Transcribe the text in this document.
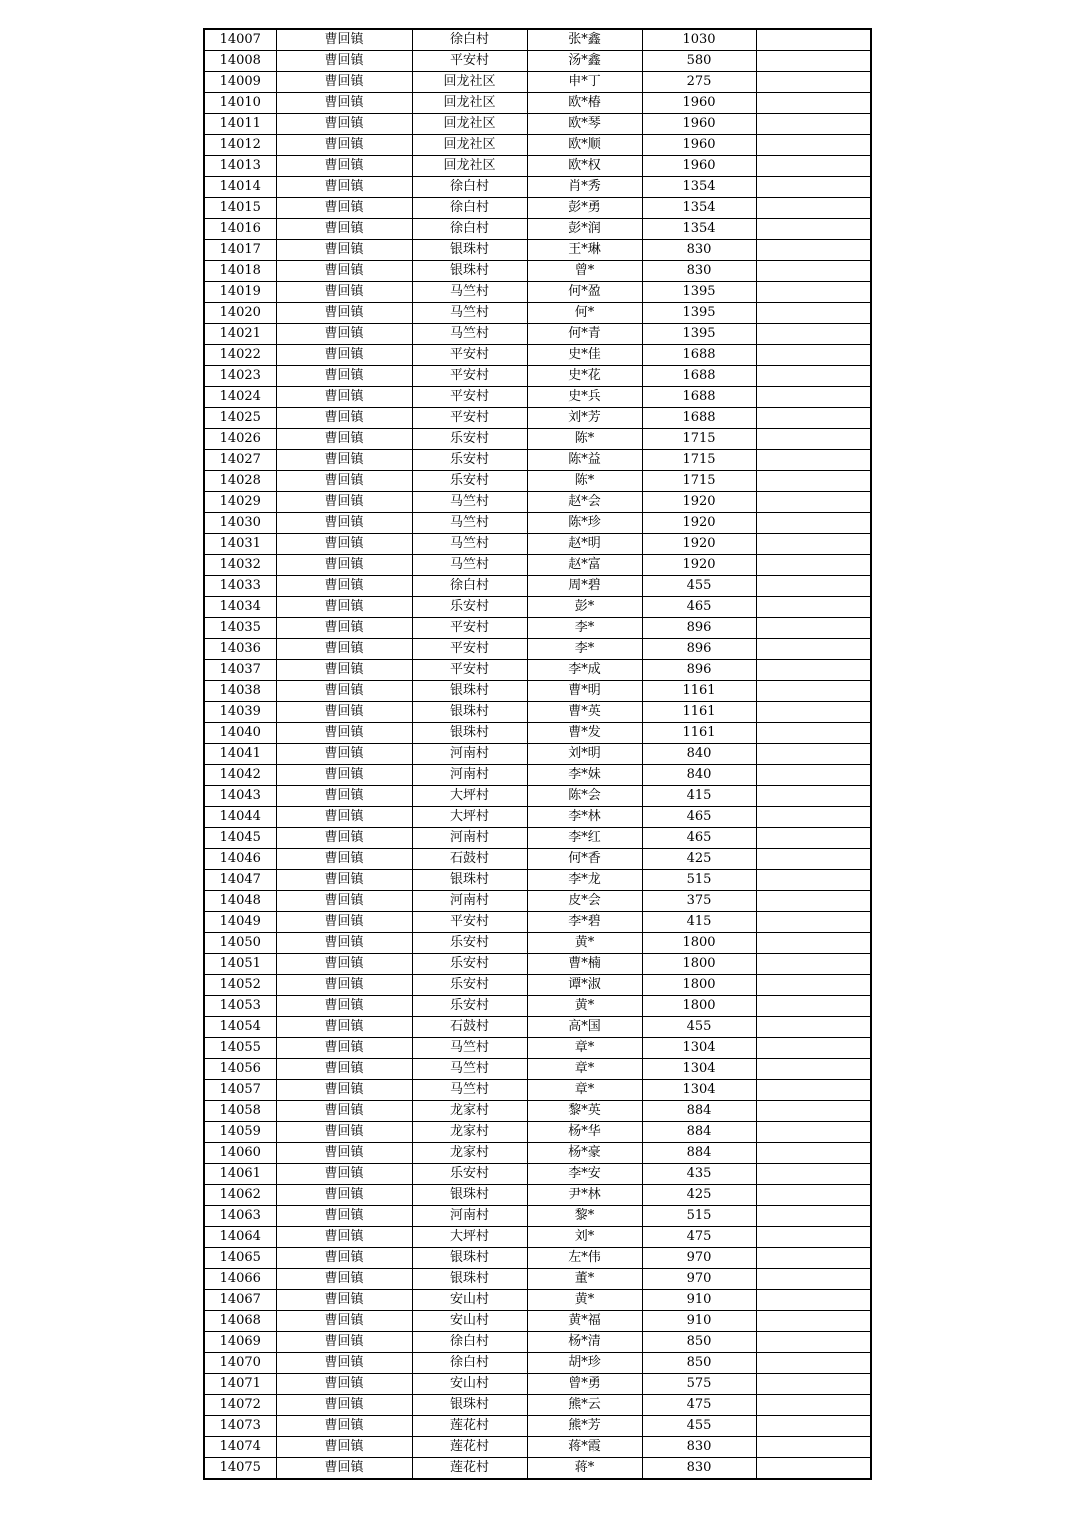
14007	曹回镇	徐白村	张*鑫	1030	
14008	曹回镇	平安村	汤*鑫	580	
14009	曹回镇	回龙社区	申*丁	275	
14010	曹回镇	回龙社区	欧*椿	1960	
14011	曹回镇	回龙社区	欧*琴	1960	
14012	曹回镇	回龙社区	欧*顺	1960	
14013	曹回镇	回龙社区	欧*权	1960	
14014	曹回镇	徐白村	肖*秀	1354	
14015	曹回镇	徐白村	彭*勇	1354	
14016	曹回镇	徐白村	彭*润	1354	
14017	曹回镇	银珠村	王*琳	830	
14018	曹回镇	银珠村	曾*	830	
14019	曹回镇	马竺村	何*盈	1395	
14020	曹回镇	马竺村	何*	1395	
14021	曹回镇	马竺村	何*青	1395	
14022	曹回镇	平安村	史*佳	1688	
14023	曹回镇	平安村	史*花	1688	
14024	曹回镇	平安村	史*兵	1688	
14025	曹回镇	平安村	刘*芳	1688	
14026	曹回镇	乐安村	陈*	1715	
14027	曹回镇	乐安村	陈*益	1715	
14028	曹回镇	乐安村	陈*	1715	
14029	曹回镇	马竺村	赵*会	1920	
14030	曹回镇	马竺村	陈*珍	1920	
14031	曹回镇	马竺村	赵*明	1920	
14032	曹回镇	马竺村	赵*富	1920	
14033	曹回镇	徐白村	周*碧	455	
14034	曹回镇	乐安村	彭*	465	
14035	曹回镇	平安村	李*	896	
14036	曹回镇	平安村	李*	896	
14037	曹回镇	平安村	李*成	896	
14038	曹回镇	银珠村	曹*明	1161	
14039	曹回镇	银珠村	曹*英	1161	
14040	曹回镇	银珠村	曹*发	1161	
14041	曹回镇	河南村	刘*明	840	
14042	曹回镇	河南村	李*妹	840	
14043	曹回镇	大坪村	陈*会	415	
14044	曹回镇	大坪村	李*林	465	
14045	曹回镇	河南村	李*红	465	
14046	曹回镇	石鼓村	何*香	425	
14047	曹回镇	银珠村	李*龙	515	
14048	曹回镇	河南村	皮*会	375	
14049	曹回镇	平安村	李*碧	415	
14050	曹回镇	乐安村	黄*	1800	
14051	曹回镇	乐安村	曹*楠	1800	
14052	曹回镇	乐安村	谭*淑	1800	
14053	曹回镇	乐安村	黄*	1800	
14054	曹回镇	石鼓村	高*国	455	
14055	曹回镇	马竺村	章*	1304	
14056	曹回镇	马竺村	章*	1304	
14057	曹回镇	马竺村	章*	1304	
14058	曹回镇	龙家村	黎*英	884	
14059	曹回镇	龙家村	杨*华	884	
14060	曹回镇	龙家村	杨*豪	884	
14061	曹回镇	乐安村	李*安	435	
14062	曹回镇	银珠村	尹*林	425	
14063	曹回镇	河南村	黎*	515	
14064	曹回镇	大坪村	刘*	475	
14065	曹回镇	银珠村	左*伟	970	
14066	曹回镇	银珠村	董*	970	
14067	曹回镇	安山村	黄*	910	
14068	曹回镇	安山村	黄*福	910	
14069	曹回镇	徐白村	杨*清	850	
14070	曹回镇	徐白村	胡*珍	850	
14071	曹回镇	安山村	曾*勇	575	
14072	曹回镇	银珠村	熊*云	475	
14073	曹回镇	莲花村	熊*芳	455	
14074	曹回镇	莲花村	蒋*霞	830	
14075	曹回镇	莲花村	蒋*	830	
